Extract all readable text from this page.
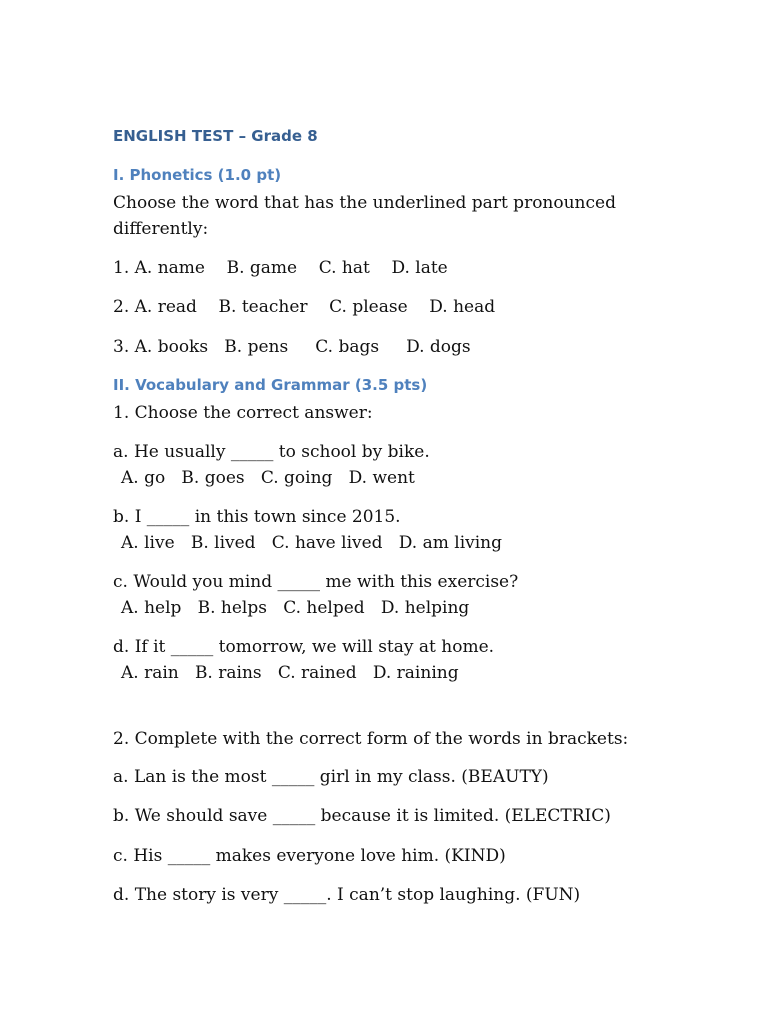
ENGLISH TEST – Grade 8

I. Phonetics (1.0 pt)

Choose the word that has the underlined part pronounced

differently:

1. A. name    B. game    C. hat    D. late

2. A. read    B. teacher    C. please    D. head

3. A. books   B. pens     C. bags     D. dogs

II. Vocabulary and Grammar (3.5 pts)

1. Choose the correct answer:

a. He usually _____ to school by bike.

A. go   B. goes   C. going   D. went

b. I _____ in this town since 2015.

A. live   B. lived   C. have lived   D. am living

c. Would you mind _____ me with this exercise?

A. help   B. helps   C. helped   D. helping

d. If it _____ tomorrow, we will stay at home.

A. rain   B. rains   C. rained   D. raining

2. Complete with the correct form of the words in brackets:

a. Lan is the most _____ girl in my class. (BEAUTY)

b. We should save _____ because it is limited. (ELECTRIC)

c. His _____ makes everyone love him. (KIND)

d. The story is very _____. I can’t stop laughing. (FUN)
